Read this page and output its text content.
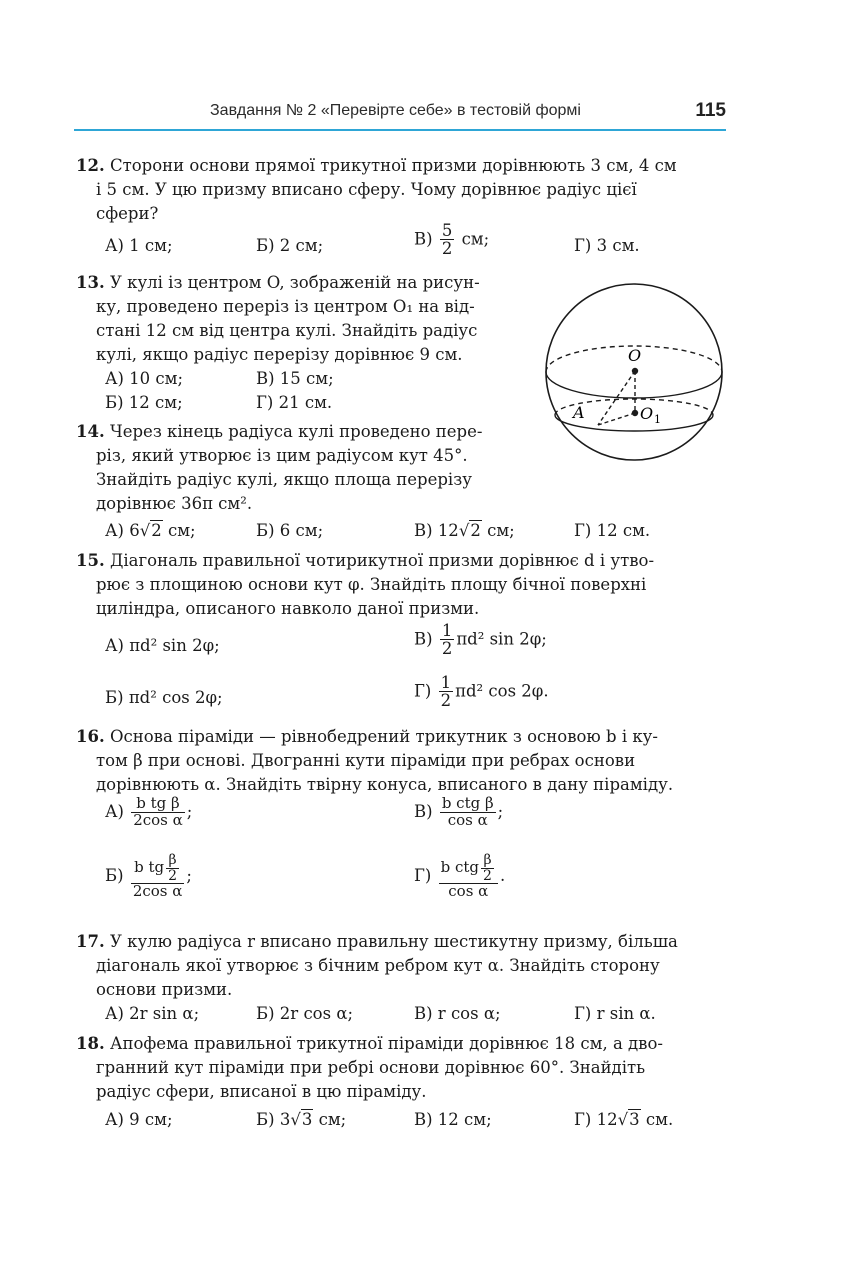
Завдання № 2 «Перевірте себе» в тестовій формі	115
12. Сторони основи прямої трикутної призми дорівнюють 3 см, 4 см
і 5 см. У цю призму вписано сферу. Чому дорівнює радіус цієї
сфери?
А) 1 см;	Б) 2 см;	$В) \frac{5}{2}$ см;	Г) 3 см.
13. У кулі із центром O, зображеній на рисун-
ку, проведено переріз із центром O₁ на від-
стані 12 см від центра кулі. Знайдіть радіус
кулі, якщо радіус перерізу дорівнює 9 см.
А) 10 см;	В) 15 см;
Б) 12 см;	Г) 21 см.
O
A	O 1
14. Через кінець радіуса кулі проведено пере-
різ, який утворює із цим радіусом кут 45°.
Знайдіть радіус кулі, якщо площа перерізу
дорівнює 36π см².
А) 6√2 см;	Б) 6 см;	В) 12√2 см;	Г) 12 см.
15. Діагональ правильної чотирикутної призми дорівнює d і утво-
рює з площиною основи кут φ. Знайдіть площу бічної поверхні
циліндра, описаного навколо даної призми.
А) πd² sin 2φ;	$В) \frac{1}{2} \pi d^2$ sin 2φ;
Б) πd² cos 2φ;	$Г) \frac{1}{2} \pi d^2$ cos 2φ.
16. Основа піраміди — рівнобедрений трикутник з основою b і ку-
том β при основі. Двогранні кути піраміди при ребрах основи
дорівнюють α. Знайдіть твірну конуса, вписаного в дану піраміду.
$А) \frac{\text{b tg β}}{\text{2cos α}}$ ;	$В) \frac{\text{b ctg β}}{\text{cos α}}$ ;
$Б) \frac{b tg \frac{\beta}{2}}{\text{2cos α}}$ ;	$Г) \frac{b ctg \frac{\beta}{2}}{\text{cos α}}$ .
17. У кулю радіуса r вписано правильну шестикутну призму, більша
діагональ якої утворює з бічним ребром кут α. Знайдіть сторону
основи призми.
А) 2r sin α;	Б) 2r cos α;	В) r cos α;	Г) r sin α.
18. Апофема правильної трикутної піраміди дорівнює 18 см, а дво-
гранний кут піраміди при ребрі основи дорівнює 60°. Знайдіть
радіус сфери, вписаної в цю піраміду.
А) 9 см;	Б) 3√3 см;	В) 12 см;	Г) 12√3 см.
